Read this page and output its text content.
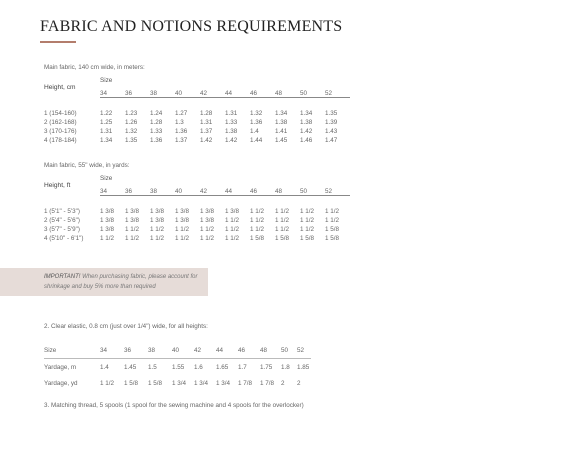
FABRIC AND NOTIONS REQUIREMENTS
Main fabric, 140 cm wide, in meters:
	Size									
Height, cm	34	36	38	40	42	44	46	48	50	52

1 (154-160)	1.22	1.23	1.24	1.27	1.28	1.31	1.32	1.34	1.34	1.35
2 (162-168)	1.25	1.26	1.28	1.3	1.31	1.33	1.36	1.38	1.38	1.39
3 (170-176)	1.31	1.32	1.33	1.36	1.37	1.38	1.4	1.41	1.42	1.43
4 (178-184)	1.34	1.35	1.36	1.37	1.42	1.42	1.44	1.45	1.46	1.47
Main fabric, 55" wide, in yards:
	Size									
Height, ft	34	36	38	40	42	44	46	48	50	52

1 (5'1" - 5'3")	1 3/8	1 3/8	1 3/8	1 3/8	1 3/8	1 3/8	1 1/2	1 1/2	1 1/2	1 1/2
2 (5'4" - 5'6")	1 3/8	1 3/8	1 3/8	1 3/8	1 3/8	1 1/2	1 1/2	1 1/2	1 1/2	1 1/2
3 (5'7" - 5'9")	1 3/8	1 1/2	1 1/2	1 1/2	1 1/2	1 1/2	1 1/2	1 1/2	1 1/2	1 5/8
4 (5'10" - 6'1")	1 1/2	1 1/2	1 1/2	1 1/2	1 1/2	1 1/2	1 5/8	1 5/8	1 5/8	1 5/8
IMPORTANT! When purchasing fabric, please account for shrinkage and buy 5% more than required
2. Clear elastic, 0.8 cm (just over 1/4") wide, for all heights:
Size	34	36	38	40	42	44	46	48	50	52

Yardage, m	1.4	1.45	1.5	1.55	1.6	1.65	1.7	1.75	1.8	1.85
Yardage, yd	1 1/2	1 5/8	1 5/8	1 3/4	1 3/4	1 3/4	1 7/8	1 7/8	2	2
3. Matching thread, 5 spools (1 spool for the sewing machine and 4 spools for the overlocker)
